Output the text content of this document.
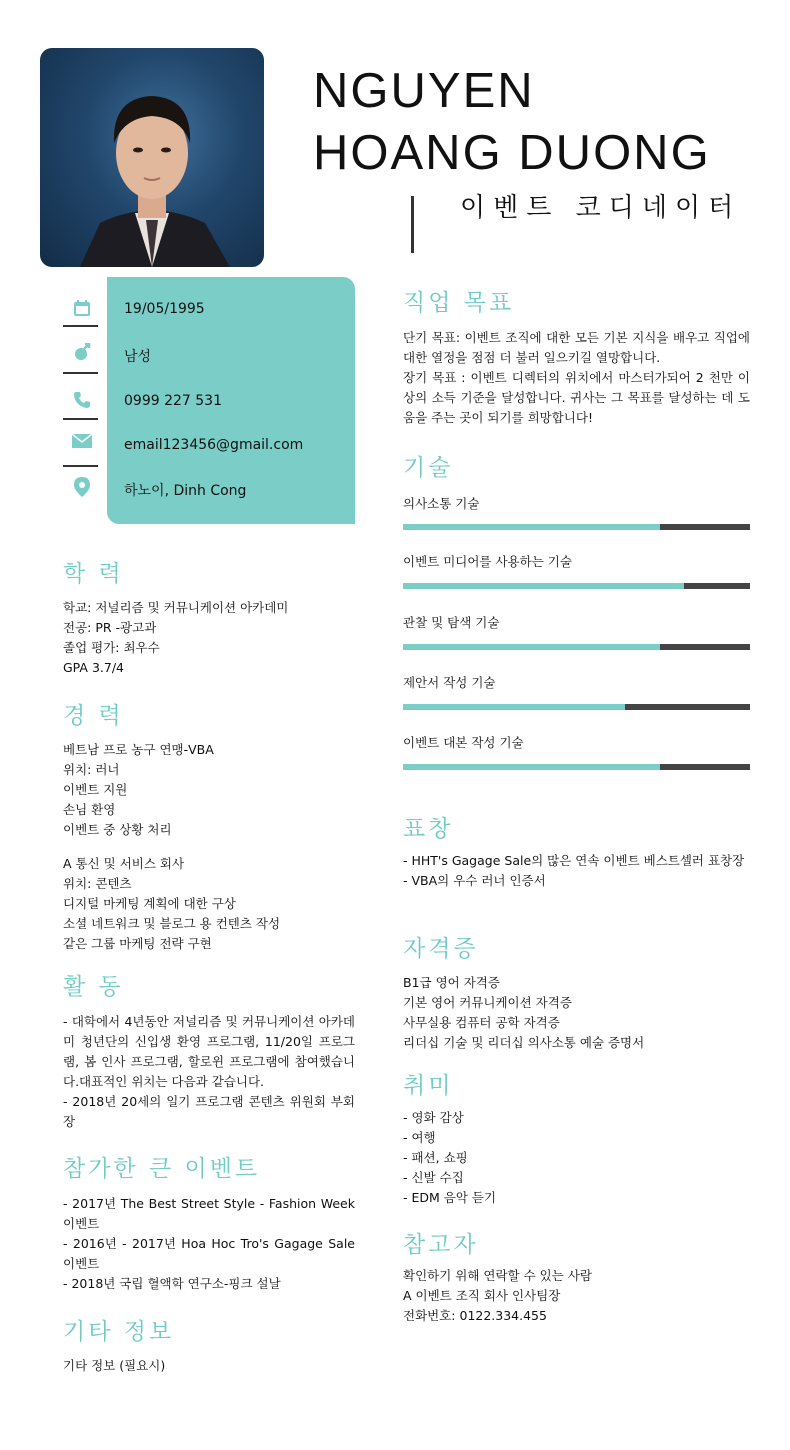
NGUYEN
HOANG DUONG
이벤트 코디네이터
19/05/1995
남성
0999 227 531
email123456@gmail.com
하노이, Dinh Cong
학 력
학교: 저널리즘 및 커뮤니케이션 아카데미
전공: PR -광고과
졸업 평가: 최우수
GPA 3.7/4
경 력
베트남 프로 농구 연맹-VBA
위치: 러너
이벤트 지원
손님 환영
이벤트 중 상황 처리
A 통신 및 서비스 회사
위치: 콘텐츠
디지털 마케팅 계획에 대한 구상
소셜 네트워크 및 블로그 용 컨텐츠 작성
같은 그룹 마케팅 전략 구현
활 동

- 대학에서 4년동안 저널리즘 및 커뮤니케이션 아카데미 청년단의 신입생 환영 프로그램, 11/20일 프로그램, 봄 인사 프로그램, 할로윈 프로그램에 참여했습니다.대표적인 위치는 다음과 같습니다.

- 2018년 20세의 일기 프로그램 콘텐츠 위원회 부회장

참가한 큰 이벤트

- 2017년 The Best Street Style - Fashion Week이벤트

- 2016년 - 2017년 Hoa Hoc Tro's Gagage Sale 이벤트

- 2018년 국립 혈액학 연구소-핑크 설날

기타 정보
기타 정보 (필요시)
직업 목표

단기 목표: 이벤트 조직에 대한 모든 기본 지식을 배우고 직업에 대한 열정을 점점 더 불러 일으키길 열망합니다.

장기 목표 : 이벤트 디렉터의 위치에서 마스터가되어 2 천만 이상의 소득 기준을 달성합니다. 귀사는 그 목표를 달성하는 데 도움을 주는 곳이 되기를 희망합니다!

기술
의사소통 기술
이벤트 미디어를 사용하는 기술
관찰 및 탐색 기술
제안서 작성 기술
이벤트 대본 작성 기술
표창

- HHT's Gagage Sale의 많은 연속 이벤트 베스트셀러 표창장

- VBA의 우수 러너 인증서

자격증
B1급 영어 자격증
기본 영어 커뮤니케이션 자격증
사무실용 컴퓨터 공학 자격증
리더십 기술 및 리더십 의사소통 예술 증명서
취미
- 영화 감상
- 여행
- 패션, 쇼핑
- 신발 수집
- EDM 음악 듣기
참고자
확인하기 위해 연락할 수 있는 사람
A 이벤트 조직 회사 인사팀장
전화번호: 0122.334.455
